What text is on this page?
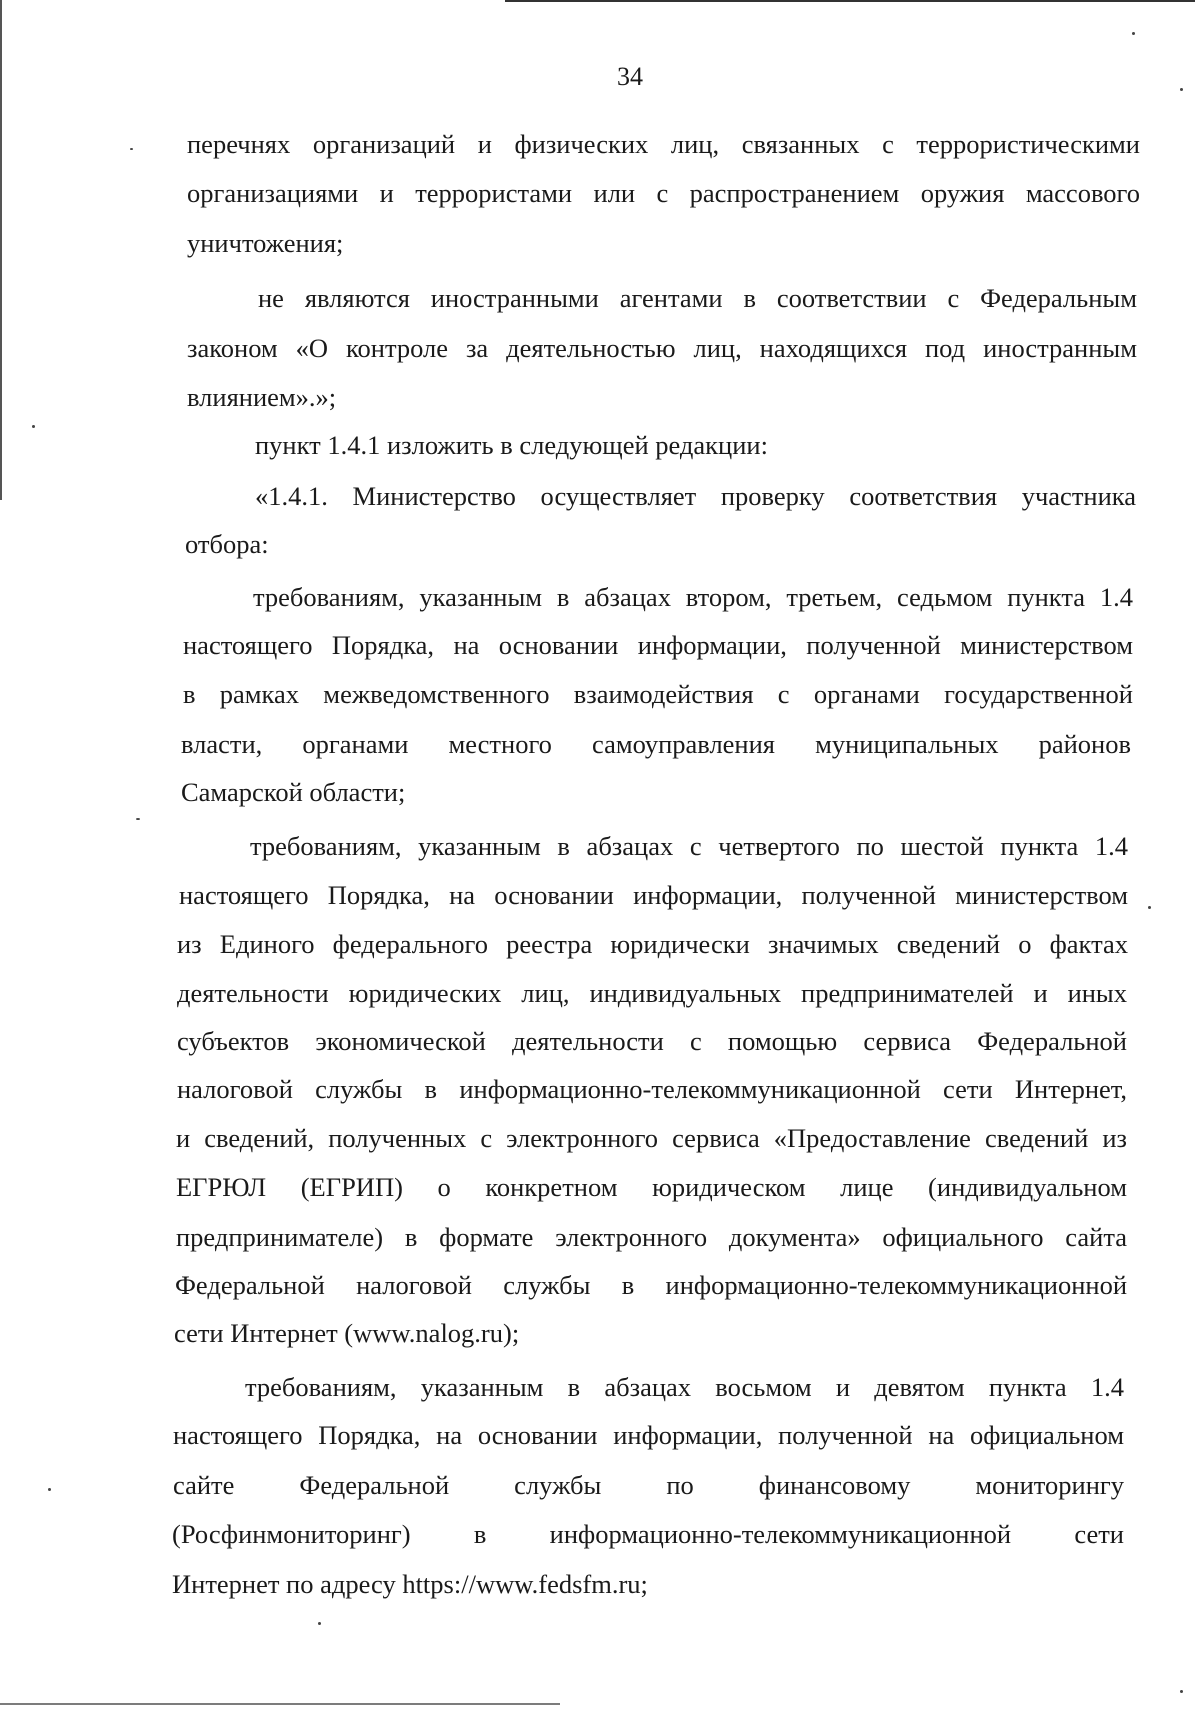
34
перечнях организаций и физических лиц, связанных с террористическими
организациями и террористами или с распространением оружия массового
уничтожения;
не являются иностранными агентами в соответствии с Федеральным
законом «О контроле за деятельностью лиц, находящихся под иностранным
влиянием».»;
пункт 1.4.1 изложить в следующей редакции:
«1.4.1. Министерство осуществляет проверку соответствия участника
отбора:
требованиям, указанным в абзацах втором, третьем, седьмом пункта 1.4
настоящего Порядка, на основании информации, полученной министерством
в рамках межведомственного взаимодействия с органами государственной
власти, органами местного самоуправления муниципальных районов
Самарской области;
требованиям, указанным в абзацах с четвертого по шестой пункта 1.4
настоящего Порядка, на основании информации, полученной министерством
из Единого федерального реестра юридически значимых сведений о фактах
деятельности юридических лиц, индивидуальных предпринимателей и иных
субъектов экономической деятельности с помощью сервиса Федеральной
налоговой службы в информационно-телекоммуникационной сети Интернет,
и сведений, полученных с электронного сервиса «Предоставление сведений из
ЕГРЮЛ (ЕГРИП) о конкретном юридическом лице (индивидуальном
предпринимателе) в формате электронного документа» официального сайта
Федеральной налоговой службы в информационно-телекоммуникационной
сети Интернет (www.nalog.ru);
требованиям, указанным в абзацах восьмом и девятом пункта 1.4
настоящего Порядка, на основании информации, полученной на официальном
сайте Федеральной службы по финансовому мониторингу
(Росфинмониторинг) в информационно-телекоммуникационной сети
Интернет по адресу https://www.fedsfm.ru;
